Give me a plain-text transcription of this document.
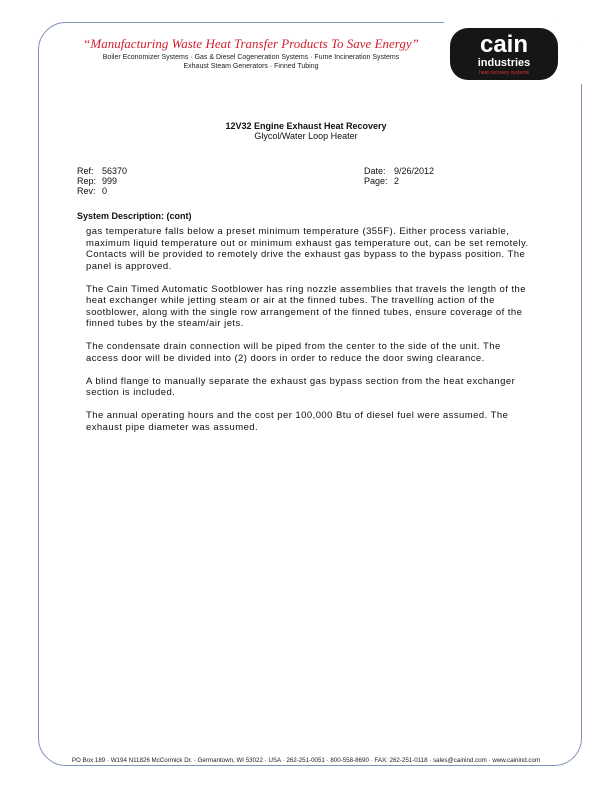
“Manufacturing Waste Heat Transfer Products To Save Energy”
Boiler Economizer Systems · Gas & Diesel Cogeneration Systems · Fume Incineration Systems
Exhaust Steam Generators · Finned Tubing
cain
industries
heat recovery systems
12V32 Engine Exhaust Heat Recovery
Glycol/Water Loop Heater
Ref: 56370
Rep: 999
Rev: 0
Date: 9/26/2012
Page: 2
System Description: (cont)

gas temperature falls below a preset minimum temperature (355F). Either process variable, maximum liquid temperature out or minimum exhaust gas temperature out, can be set remotely. Contacts will be provided to remotely drive the exhaust gas bypass to the bypass position. The panel is approved.

The Cain Timed Automatic Sootblower has ring nozzle assemblies that travels the length of the heat exchanger while jetting steam or air at the finned tubes. The travelling action of the sootblower, along with the single row arrangement of the finned tubes, ensure coverage of the finned tubes by the steam/air jets.

The condensate drain connection will be piped from the center to the side of the unit. The access door will be divided into (2) doors in order to reduce the door swing clearance.

A blind flange to manually separate the exhaust gas bypass section from the heat exchanger section is included.

The annual operating hours and the cost per 100,000 Btu of diesel fuel were assumed. The exhaust pipe diameter was assumed.

PO Box 189 · W194 N11826 McCormick Dr. · Germantown, WI 53022 · USA · 262-251-0051 · 800-558-8690 · FAX: 262-251-0118 · sales@cainind.com · www.cainind.com
